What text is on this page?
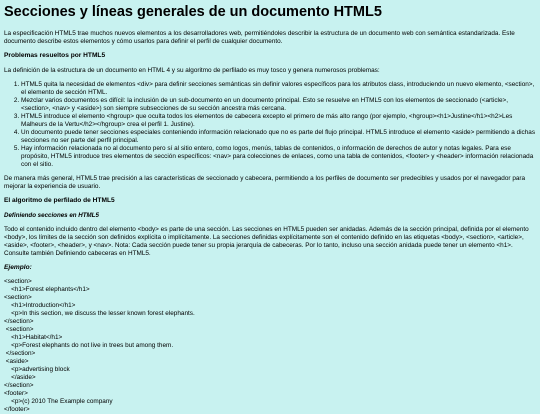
Secciones y líneas generales de un documento HTML5

La especificación HTML5 trae muchos nuevos elementos a los desarrolladores web, permitiéndoles describir la estructura de un documento web con semántica estandarizada. Este documento describe estos elementos y cómo usarlos para definir el perfil de cualquier documento.

Problemas resueltos por HTML5

La definición de la estructura de un documento en HTML 4 y su algoritmo de perfilado es muy tosco y genera numerosos problemas:

1. HTML5 quita la necesidad de elementos <div> para definir secciones semánticas sin definir valores específicos para los atributos class, introduciendo un nuevo elemento, <section>, el elemento de sección HTML.
2. Mezclar varios documentos es difícil: la inclusión de un sub-documento en un documento principal. Esto se resuelve en HTML5 con los elementos de seccionado (<article>, <section>, <nav> y <aside>) son siempre subsecciones de su sección ancestra más cercana.
3. HTML5 introduce el elemento <hgroup> que oculta todos los elementos de cabecera excepto el primero de más alto rango (por ejemplo, <hgroup><h1>Justine</h1><h2>Les Malheurs de la Vertu</h2></hgroup> crea el perfil 1. Justine).
4. Un documento puede tener secciones especiales conteniendo información relacionado que no es parte del flujo principal. HTML5 introduce el elemento <aside> permitiendo a dichas secciones no ser parte del perfil principal.
5. Hay información relacionada no al documento pero sí al sitio entero, como logos, menús, tablas de contenidos, o información de derechos de autor y notas legales. Para ese propósito, HTML5 introduce tres elementos de sección específicos: <nav> para colecciones de enlaces, como una tabla de contenidos, <footer> y <header> información relacionada con el sitio.

De manera más general, HTML5 trae precisión a las características de seccionado y cabecera, permitiendo a los perfiles de documento ser predecibles y usados por el navegador para mejorar la experiencia de usuario.

El algoritmo de perfilado de HTML5
Definiendo secciones en HTML5

Todo el contenido incluido dentro del elemento <body> es parte de una sección. Las secciones en HTML5 pueden ser anidadas. Además de la sección principal, definida por el elemento <body>, los límites de la sección son definidos explícita o implícitamente. La secciones definidas explícitamente son el contenido definido en las etiquetas <body>, <section>, <article>, <aside>, <footer>, <header>, y <nav>. Nota: Cada sección puede tener su propia jerarquía de cabeceras. Por lo tanto, incluso una sección anidada puede tener un elemento <h1>. Consulte también Definiendo cabeceras en HTML5.

Ejemplo:
<section>
<h1>Forest elephants</h1>
<section>
<h1>Introduction</h1>
<p>In this section, we discuss the lesser known forest elephants.
</section>
<section>
<h1>Habitat</h1>
<p>Forest elephants do not live in trees but among them.
</section>
<aside>
<p>advertising block
</aside>
</section>
<footer>
<p>(c) 2010 The Example company
</footer>
